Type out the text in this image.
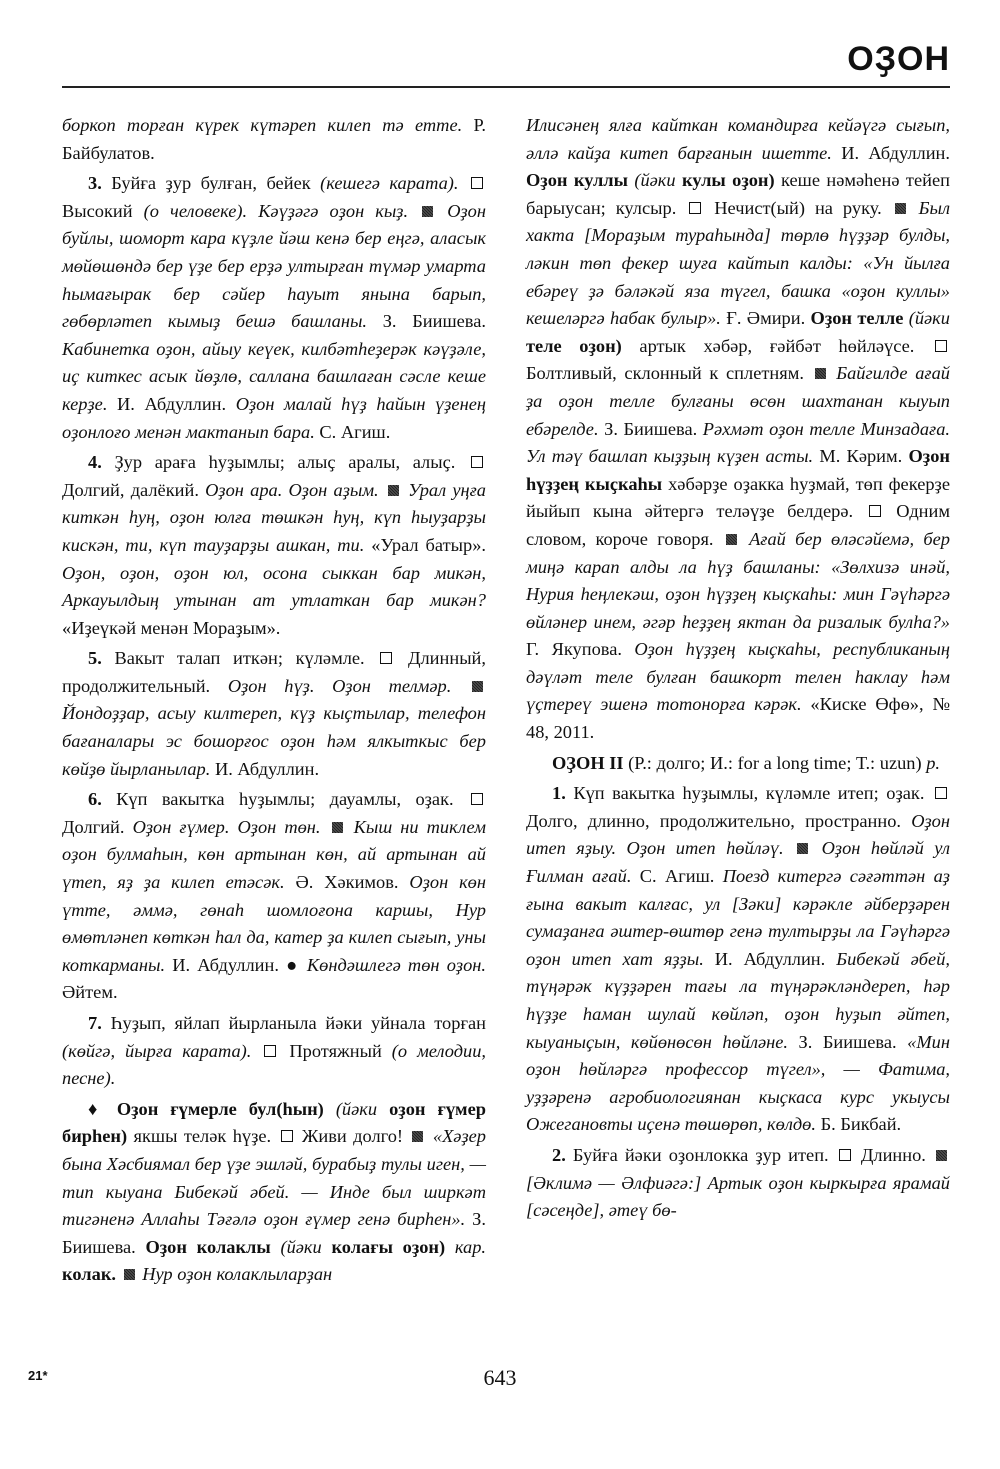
ОҘОН

боркоп торған күрек күтәреп килеп тә етте. Р. Байбулатов.

3. Буйға ҙур булған, бейек (кешегә карата).  Высокий (о человеке). Кәүҙәгә оҙон кыҙ. Оҙон буйлы, шоморт кара күҙле йәш кенә бер еңгә, аласык мөйөшөндә бер үҙе бер ерҙә ултырған түмәр умарта һымағырак бер сәйер һауыт янына барып, гөбөрләтеп кымыҙ бешә башланы. З. Биишева. Кабинетка оҙон, айыу кеүек, килбәтһеҙерәк кәүҙәле, иҫ киткес асык йөҙлө, саллана башлаған сәсле кеше керҙе. И. Абдуллин. Оҙон малай һүҙ һайын үҙенең оҙонлоғо менән мактанып бара. С. Агиш.

4. Ҙур араға һуҙымлы; алыҫ аралы, алыҫ.  Долгий, далёкий. Оҙон ара. Оҙон аҙым. Урал уңға киткән һуң, оҙон юлға төшкән һуң, күп һыуҙарҙы кискән, ти, күп тауҙарҙы ашкан, ти. «Урал батыр». Оҙон, оҙон, оҙон юл, осона сыккан бар микән, Аркауылдың утынан ат утлаткан бар микән? «Иҙеүкәй менән Мораҙым».

5. Вакыт талап иткән; күләмле.  Длинный, продолжительный. Оҙон һүҙ. Оҙон телмәр.  Йондоҙҙар, асыу килтереп, күҙ кыҫтылар, телефон бағаналары эс бошорғос оҙон һәм ялкыткыс бер көйҙө йырланылар. И. Абдуллин.

6. Күп вакытка һуҙымлы; дауамлы, оҙак.  Долгий. Оҙон ғүмер. Оҙон төн. Кыш ни тиклем оҙон булмаһын, көн артынан көн, ай артынан ай үтеп, яҙ ҙа килеп етәсәк. Ә. Хәкимов. Оҙон көн үтте, әммә, гөнаһ шомлоғона каршы, Нур өмөтләнеп көткән һал да, катер ҙа килеп сығып, уны коткарманы. И. Абдуллин. ● Көндәшлегә төн оҙон. Әйтем.

7. Һуҙып, яйлап йырланыла йәки уйнала торған (көйгә, йырға карата).  Протяжный (о мелодии, песне).

♦ Оҙон ғүмерле бул(һын) (йәки оҙон ғүмер бирһен) якшы теләк һүҙе.  Живи долго!  «Хәҙер бына Хәсбиямал бер үҙе эшләй, бурабыҙ тулы иген, — тип кыуана Бибекәй әбей. — Инде был ширкәт тигәненә Аллаһы Тәғәлә оҙон ғүмер генә бирһен». З. Биишева. Оҙон колаклы (йәки колағы оҙон) кар. колак. Нур оҙон колаклыларҙан

Илисәнең ялға кайткан командирға кейәүгә сығып, әллә кайҙа китеп барғанын ишетте. И. Абдуллин. Оҙон куллы (йәки кулы оҙон) кеше нәмәһенә тейеп барыусан; кулсыр.  Нечист(ый) на руку.  Был хакта [Мораҙым тураһында] төрлө һүҙҙәр булды, ләкин төп фекер шуға кайтып калды: «Ун йылға ебәреү ҙә бәләкәй яза түгел, башка «оҙон куллы» кешеләргә һабак булыр». Ғ. Әмири. Оҙон телле (йәки теле оҙон) артык хәбәр, ғәйбәт һөйләүсе.  Болтливый, склонный к сплетням.  Байгилде ағай ҙа оҙон телле булғаны өсөн шахтанан кыуып ебәрелде. З. Биишева. Рәхмәт оҙон телле Минзадаға. Ул тәү башлап кыҙҙың күҙен асты. М. Кәрим. Оҙон һүҙҙең кыҫкаһы хәбәрҙе оҙакка һуҙмай, төп фекерҙе йыйып кына әйтергә теләүҙе белдерә.  Одним словом, короче говоря.  Ағай бер өләсәйемә, бер миңә карап алды ла һүҙ башланы: «Зөлхизә инәй, Нурия һеңлекәш, оҙон һүҙҙең кыҫкаһы: мин Гәүһәргә өйләнер инем, әгәр һеҙҙең яктан да ризалык булһа?» Г. Якупова. Оҙон һүҙҙең кыҫкаһы, республиканың дәүләт теле булған башкорт телен һаклау һәм үҫтереү эшенә тотонорға кәрәк. «Киске Өфө», № 48, 2011.

ОҘОН II (Р.: долго; И.: for a long time; Т.: uzun) р.

1. Күп вакытка һуҙымлы, күләмле итеп; оҙак.  Долго, длинно, продолжительно, пространно. Оҙон итеп яҙыу. Оҙон итеп һөйләү. Оҙон һөйләй ул Ғилман ағай. С. Агиш. Поезд китергә сәғәттән аҙ ғына вакыт калғас, ул [Зәки] кәрәкле әйберҙәрен сумаҙанға әштер-өштөр генә тултырҙы ла Гәүһәргә оҙон итеп хат яҙҙы. И. Абдуллин. Бибекәй әбей, түңәрәк күҙҙәрен тағы ла түңәрәкләндереп, һәр һүҙҙе һаман шулай көйләп, оҙон һуҙып әйтеп, кыуаныҫын, көйөнөсөн һөйләне. З. Биишева. «Мин оҙон һөйләргә профессор түгел», — Фатима, уҙҙәренә агробиологиянан кыҫкаса курс укыусы Ожегановты иҫенә төшөрөп, көлдө. Б. Бикбай.

2. Буйға йәки оҙонлокка ҙур итеп.  Длинно.  [Әклимә — Әлфиәгә:] Артык оҙон кыркырға ярамай [сәсеңде], әтеү бө-

21*	643
